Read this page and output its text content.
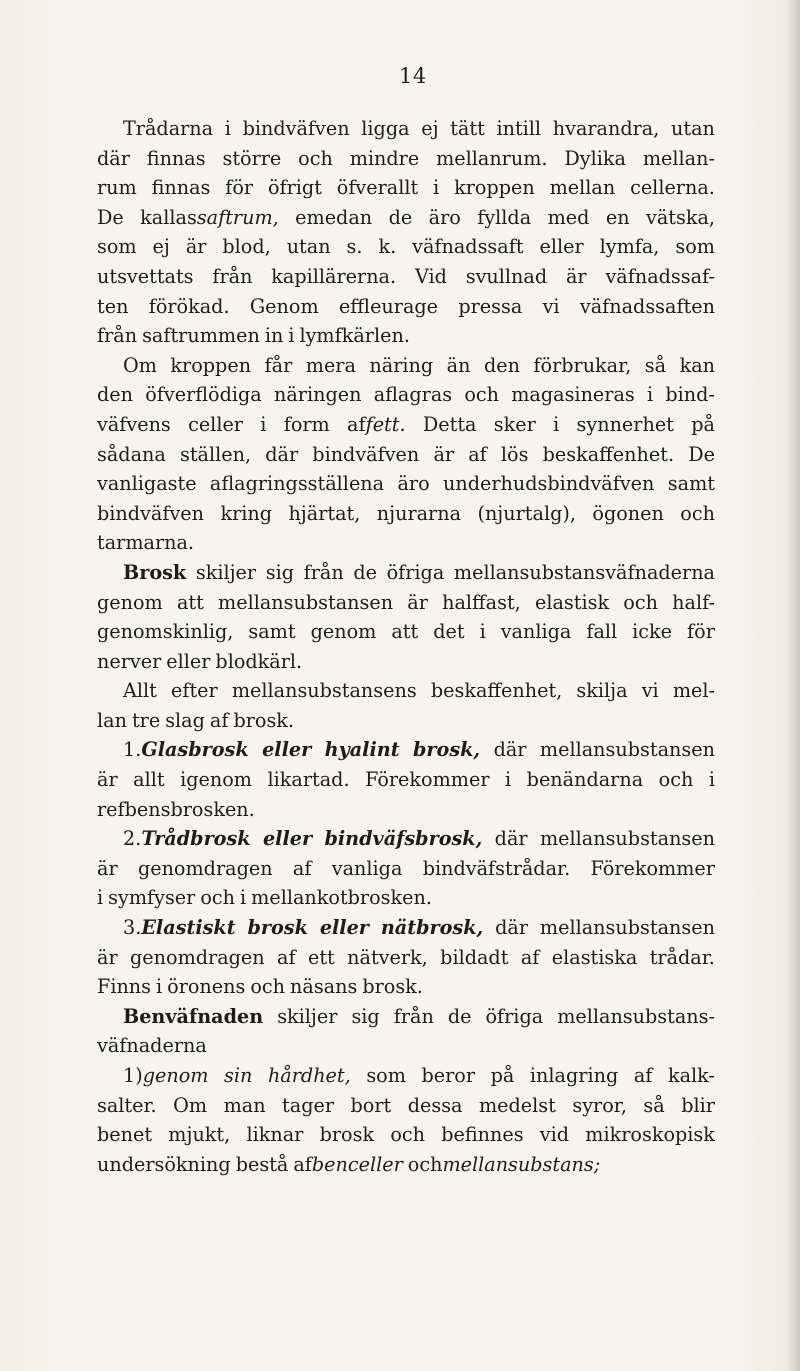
14
Trådarna i bindväfven ligga ej tätt intill hvarandra, utan
där finnas större och mindre mellanrum. Dylika mellan-
rum finnas för öfrigt öfverallt i kroppen mellan cellerna.
De kallassaftrum, emedan de äro fyllda med en vätska,
som ej är blod, utan s. k. väfnadssaft eller lymfa, som
utsvettats från kapillärerna. Vid svullnad är väfnadssaf-
ten förökad. Genom effleurage pressa vi väfnadssaften
från
saftrummen
in
i
lymfkärlen.
Om kroppen får mera näring än den förbrukar, så kan
den öfverflödiga näringen aflagras och magasineras i bind-
väfvens celler i form affett. Detta sker i synnerhet på
sådana ställen, där bindväfven är af lös beskaffenhet. De
vanligaste aflagringsställena äro underhudsbindväfven samt
bindväfven kring hjärtat, njurarna (njurtalg), ögonen och
tarmarna.
Brosk skiljer sig från de öfriga mellansubstansväfnaderna
genom att mellansubstansen är halffast, elastisk och half-
genomskinlig, samt genom att det i vanliga fall icke för
nerver
eller
blodkärl.
Allt efter mellansubstansens beskaffenhet, skilja vi mel-
lan
tre
slag
af
brosk.
1.Glasbrosk eller hyalint brosk, där mellansubstansen
är allt igenom likartad. Förekommer i benändarna och i
refbensbrosken.
2.Trådbrosk eller bindväfsbrosk, där mellansubstansen
är genomdragen af vanliga bindväfstrådar. Förekommer
i
symfyser
och
i
mellankotbrosken.
3.Elastiskt brosk eller nätbrosk, där mellansubstansen
är genomdragen af ett nätverk, bildadt af elastiska trådar.
Finns
i
öronens
och
näsans
brosk.
Benväfnaden skiljer sig från de öfriga mellansubstans-
väfnaderna
1)genom sin hårdhet, som beror på inlagring af kalk-
salter. Om man tager bort dessa medelst syror, så blir
benet mjukt, liknar brosk och befinnes vid mikroskopisk
undersökning
bestå
afbenceller
ochmellansubstans;
